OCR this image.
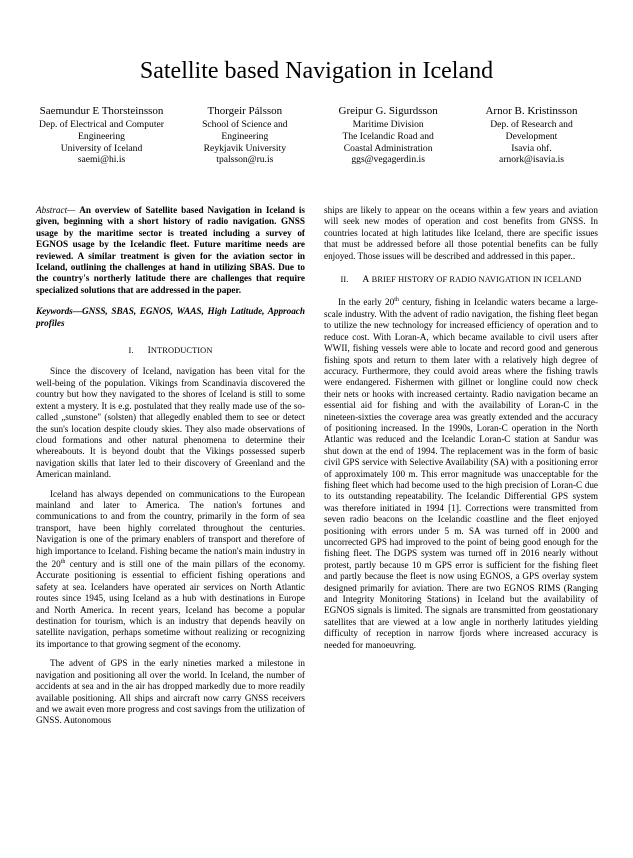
Satellite based Navigation in Iceland
Saemundur E Thorsteinsson
Dep. of Electrical and Computer
Engineering
University of Iceland
saemi@hi.is
Thorgeir Pálsson
School of Science and
Engineering
Reykjavik University
tpalsson@ru.is
Greipur G. Sigurdsson
Maritime Division
The Icelandic Road and
Coastal Administration
ggs@vegagerdin.is
Arnor B. Kristinsson
Dep. of Research and
Development
Isavia ohf.
arnork@isavia.is

Abstract— An overview of Satellite based Navigation in Iceland is given, beginning with a short history of radio navigation. GNSS usage by the maritime sector is treated including a survey of EGNOS usage by the Icelandic fleet. Future maritime needs are reviewed. A similar treatment is given for the aviation sector in Iceland, outlining the challenges at hand in utilizing SBAS. Due to the country's northerly latitude there are challenges that require specialized solutions that are addressed in the paper.

Keywords—GNSS, SBAS, EGNOS, WAAS, High Latitude, Approach profiles

I. INTRODUCTION

Since the discovery of Iceland, navigation has been vital for the well-being of the population. Vikings from Scandinavia discovered the country but how they navigated to the shores of Iceland is still to some extent a mystery. It is e.g. postulated that they really made use of the so-called „sunstone" (solsten) that allegedly enabled them to see or detect the sun's location despite cloudy skies. They also made observations of cloud formations and other natural phenomena to determine their whereabouts. It is beyond doubt that the Vikings possessed superb navigation skills that later led to their discovery of Greenland and the American mainland.

Iceland has always depended on communications to the European mainland and later to America. The nation's fortunes and communications to and from the country, primarily in the form of sea transport, have been highly correlated throughout the centuries. Navigation is one of the primary enablers of transport and therefore of high importance to Iceland. Fishing became the nation's main industry in the 20th century and is still one of the main pillars of the economy. Accurate positioning is essential to efficient fishing operations and safety at sea. Icelanders have operated air services on North Atlantic routes since 1945, using Iceland as a hub with destinations in Europe and North America. In recent years, Iceland has become a popular destination for tourism, which is an industry that depends heavily on satellite navigation, perhaps sometime without realizing or recognizing its importance to that growing segment of the economy.

The advent of GPS in the early nineties marked a milestone in navigation and positioning all over the world. In Iceland, the number of accidents at sea and in the air has dropped markedly due to more readily available positioning. All ships and aircraft now carry GNSS receivers and we await even more progress and cost savings from the utilization of GNSS. Autonomous

ships are likely to appear on the oceans within a few years and aviation will seek new modes of operation and cost benefits from GNSS. In countries located at high latitudes like Iceland, there are specific issues that must be addressed before all those potential benefits can be fully enjoyed. Those issues will be described and addressed in this paper..

II. A BRIEF HISTORY OF RADIO NAVIGATION IN ICELAND

In the early 20th century, fishing in Icelandic waters became a large-scale industry. With the advent of radio navigation, the fishing fleet began to utilize the new technology for increased efficiency of operation and to reduce cost. With Loran-A, which became available to civil users after WWII, fishing vessels were able to locate and record good and generous fishing spots and return to them later with a relatively high degree of accuracy. Furthermore, they could avoid areas where the fishing trawls were endangered. Fishermen with gillnet or longline could now check their nets or hooks with increased certainty. Radio navigation became an essential aid for fishing and with the availability of Loran-C in the nineteen-sixties the coverage area was greatly extended and the accuracy of positioning increased. In the 1990s, Loran-C operation in the North Atlantic was reduced and the Icelandic Loran-C station at Sandur was shut down at the end of 1994. The replacement was in the form of basic civil GPS service with Selective Availability (SA) with a positioning error of approximately 100 m. This error magnitude was unacceptable for the fishing fleet which had become used to the high precision of Loran-C due to its outstanding repeatability. The Icelandic Differential GPS system was therefore initiated in 1994 [1]. Corrections were transmitted from seven radio beacons on the Icelandic coastline and the fleet enjoyed positioning with errors under 5 m. SA was turned off in 2000 and uncorrected GPS had improved to the point of being good enough for the fishing fleet. The DGPS system was turned off in 2016 nearly without protest, partly because 10 m GPS error is sufficient for the fishing fleet and partly because the fleet is now using EGNOS, a GPS overlay system designed primarily for aviation. There are two EGNOS RIMS (Ranging and Integrity Monitoring Stations) in Iceland but the availability of EGNOS signals is limited. The signals are transmitted from geostationary satellites that are viewed at a low angle in northerly latitudes yielding difficulty of reception in narrow fjords where increased accuracy is needed for manoeuvring.
